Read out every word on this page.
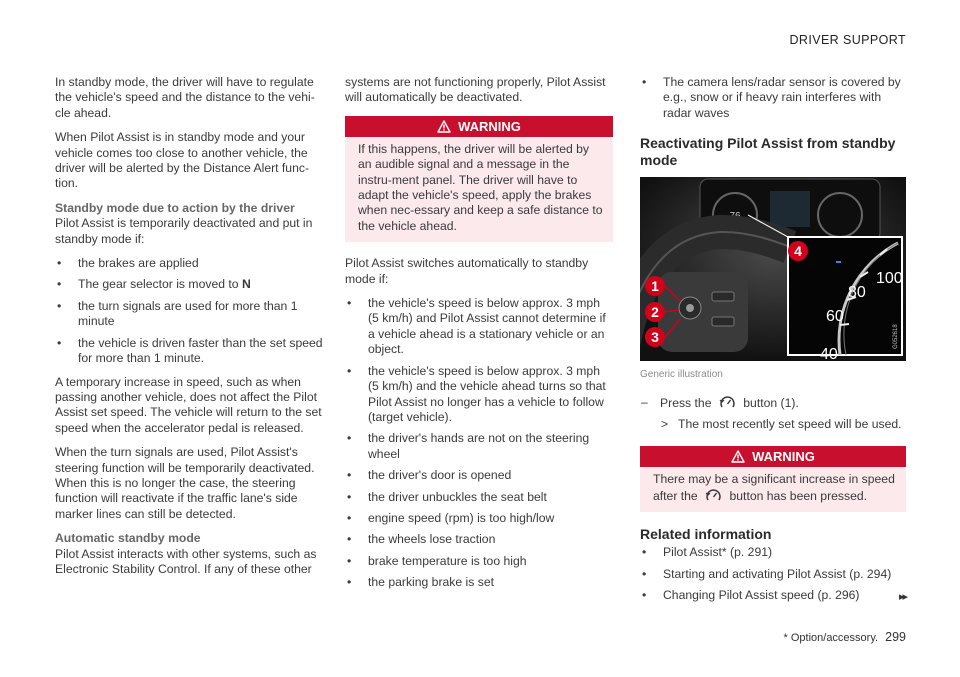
DRIVER SUPPORT

In standby mode, the driver will have to regulate the vehicle's speed and the distance to the vehi-cle ahead.

When Pilot Assist is in standby mode and your vehicle comes too close to another vehicle, the driver will be alerted by the Distance Alert func-tion.

Standby mode due to action by the driver

Pilot Assist is temporarily deactivated and put in standby mode if:

• the brakes are applied
• The gear selector is moved to N
• the turn signals are used for more than 1 minute
• the vehicle is driven faster than the set speed for more than 1 minute.

A temporary increase in speed, such as when passing another vehicle, does not affect the Pilot Assist set speed. The vehicle will return to the set speed when the accelerator pedal is released.

When the turn signals are used, Pilot Assist's steering function will be temporarily deactivated. When this is no longer the case, the steering function will reactivate if the traffic lane's side marker lines can still be detected.

Automatic standby mode

Pilot Assist interacts with other systems, such as Electronic Stability Control. If any of these other

systems are not functioning properly, Pilot Assist will automatically be deactivated.

WARNING
If this happens, the driver will be alerted by an audible signal and a message in the instru-ment panel. The driver will have to adapt the vehicle's speed, apply the brakes when nec-essary and keep a safe distance to the vehicle ahead.

Pilot Assist switches automatically to standby mode if:

• the vehicle's speed is below approx. 3 mph (5 km/h) and Pilot Assist cannot determine if a vehicle ahead is a stationary vehicle or an object.
• the vehicle's speed is below approx. 3 mph (5 km/h) and the vehicle ahead turns so that Pilot Assist no longer has a vehicle to follow (target vehicle).
• the driver's hands are not on the steering wheel
• the driver's door is opened
• the driver unbuckles the seat belt
• engine speed (rpm) is too high/low
• the wheels lose traction
• brake temperature is too high
• the parking brake is set
• The camera lens/radar sensor is covered by e.g., snow or if heavy rain interferes with radar waves
Reactivating Pilot Assist from standby mode
76
100
80
60
40
G052618
1
2
3
4
Generic illustration
– Press the	button (1).
> The most recently set speed will be used.
WARNING
There may be a significant increase in speed after the	button has been pressed.
Related information
• Pilot Assist* (p. 291)
• Starting and activating Pilot Assist (p. 294)
• Changing Pilot Assist speed (p. 296)	▸▸
* Option/accessory. 299
